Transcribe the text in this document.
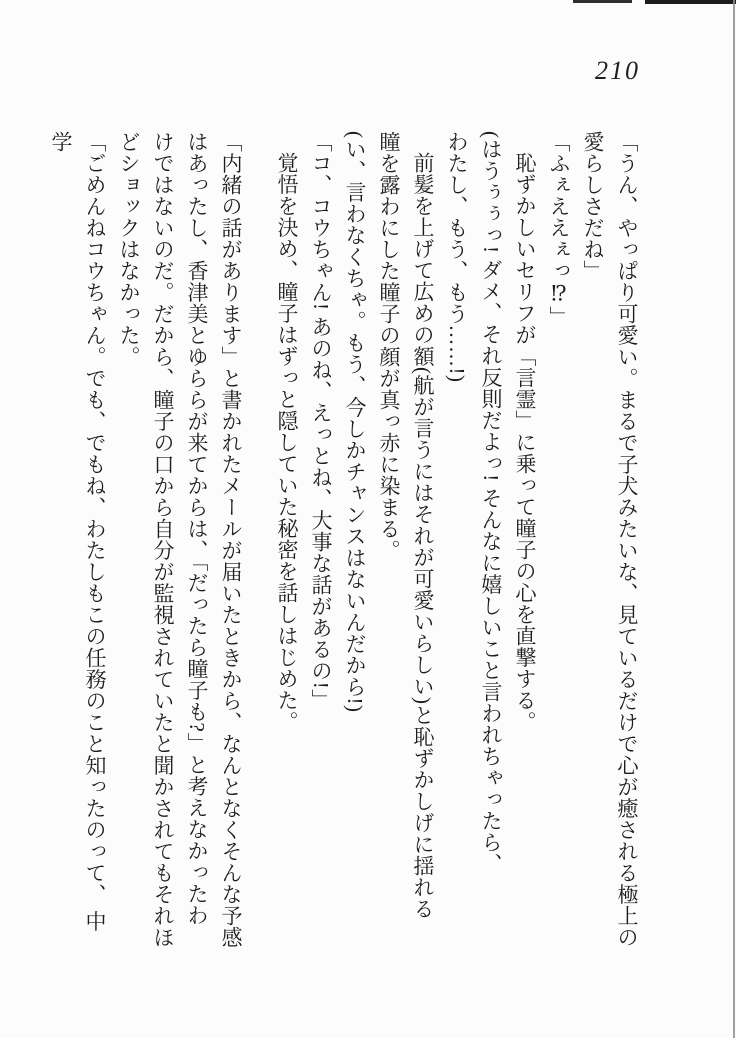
210

「うん、やっぱり可愛い。まるで子犬みたいな、見ているだけで心が癒される極上の

愛らしさだね」

「ふぇええぇっ⁉」

恥ずかしいセリフが「言霊」に乗って瞳子の心を直撃する。

(はうぅぅっ! ダメ、それ反則だよっ! そんなに嬉しいこと言われちゃったら、

わたし、もう、もう……!)

前髪を上げて広めの額(航が言うにはそれが可愛いらしい)と恥ずかしげに揺れる

瞳を露わにした瞳子の顔が真っ赤に染まる。

(い、言わなくちゃ。もう、今しかチャンスはないんだから!)

「コ、コウちゃん! あのね、えっとね、大事な話があるの!」

覚悟を決め、瞳子はずっと隠していた秘密を話しはじめた。

「内緒の話があります」と書かれたメールが届いたときから、なんとなくそんな予感

はあったし、香津美とゆららが来てからは、「だったら瞳子も?」と考えなかったわ

けではないのだ。だから、瞳子の口から自分が監視されていたと聞かされてもそれほ

どショックはなかった。

「ごめんねコウちゃん。でも、でもね、わたしもこの任務のこと知ったのって、 中学
